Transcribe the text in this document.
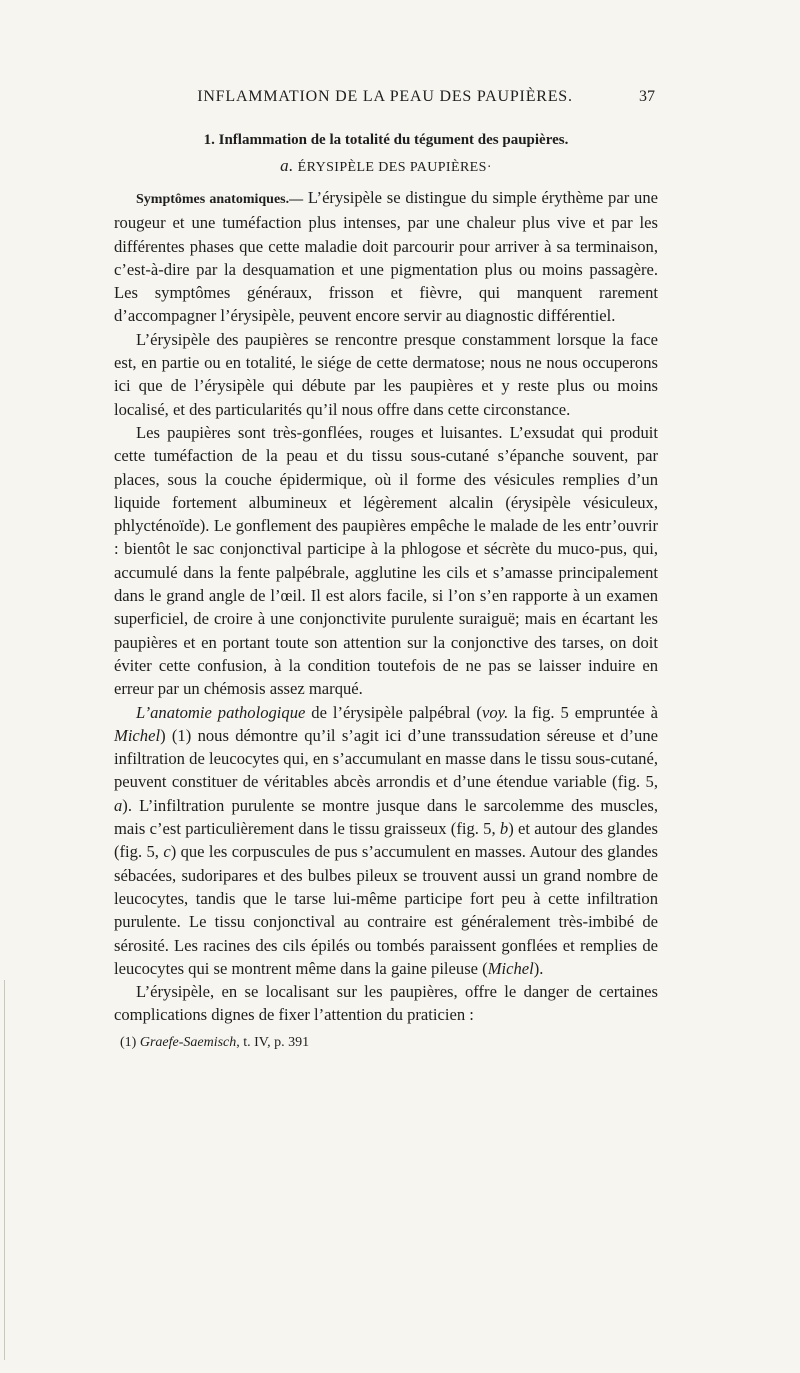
INFLAMMATION DE LA PEAU DES PAUPIÈRES.	37

1. Inflammation de la totalité du tégument des paupières.

a. ÉRYSIPÈLE DES PAUPIÈRES·

Symptômes anatomiques.— L’érysipèle se distingue du simple érythème par une rougeur et une tuméfaction plus intenses, par une chaleur plus vive et par les différentes phases que cette maladie doit parcourir pour arriver à sa terminaison, c’est-à-dire par la desquamation et une pigmentation plus ou moins passagère. Les symptômes généraux, frisson et fièvre, qui manquent rarement d’accompagner l’érysipèle, peuvent encore servir au diagnostic différentiel.

L’érysipèle des paupières se rencontre presque constamment lorsque la face est, en partie ou en totalité, le siége de cette dermatose; nous ne nous occuperons ici que de l’érysipèle qui débute par les paupières et y reste plus ou moins localisé, et des particularités qu’il nous offre dans cette circonstance.

Les paupières sont très-gonflées, rouges et luisantes. L’exsudat qui produit cette tuméfaction de la peau et du tissu sous-cutané s’épanche souvent, par places, sous la couche épidermique, où il forme des vésicules remplies d’un liquide fortement albumineux et légèrement alcalin (érysipèle vésiculeux, phlycténoïde). Le gonflement des paupières empêche le malade de les entr’ouvrir : bientôt le sac conjonctival participe à la phlogose et sécrète du muco-pus, qui, accumulé dans la fente palpébrale, agglutine les cils et s’amasse principalement dans le grand angle de l’œil. Il est alors facile, si l’on s’en rapporte à un examen superficiel, de croire à une conjonctivite purulente suraiguë; mais en écartant les paupières et en portant toute son attention sur la conjonctive des tarses, on doit éviter cette confusion, à la condition toutefois de ne pas se laisser induire en erreur par un chémosis assez marqué.

L’anatomie pathologique de l’érysipèle palpébral (voy. la fig. 5 empruntée à Michel) (1) nous démontre qu’il s’agit ici d’une transsudation séreuse et d’une infiltration de leucocytes qui, en s’accumulant en masse dans le tissu sous-cutané, peuvent constituer de véritables abcès arrondis et d’une étendue variable (fig. 5, a). L’infiltration purulente se montre jusque dans le sarcolemme des muscles, mais c’est particulièrement dans le tissu graisseux (fig. 5, b) et autour des glandes (fig. 5, c) que les corpuscules de pus s’accumulent en masses. Autour des glandes sébacées, sudoripares et des bulbes pileux se trouvent aussi un grand nombre de leucocytes, tandis que le tarse lui-même participe fort peu à cette infiltration purulente. Le tissu conjonctival au contraire est généralement très-imbibé de sérosité. Les racines des cils épilés ou tombés paraissent gonflées et remplies de leucocytes qui se montrent même dans la gaine pileuse (Michel).

L’érysipèle, en se localisant sur les paupières, offre le danger de certaines complications dignes de fixer l’attention du praticien :

(1) Graefe-Saemisch, t. IV, p. 391
